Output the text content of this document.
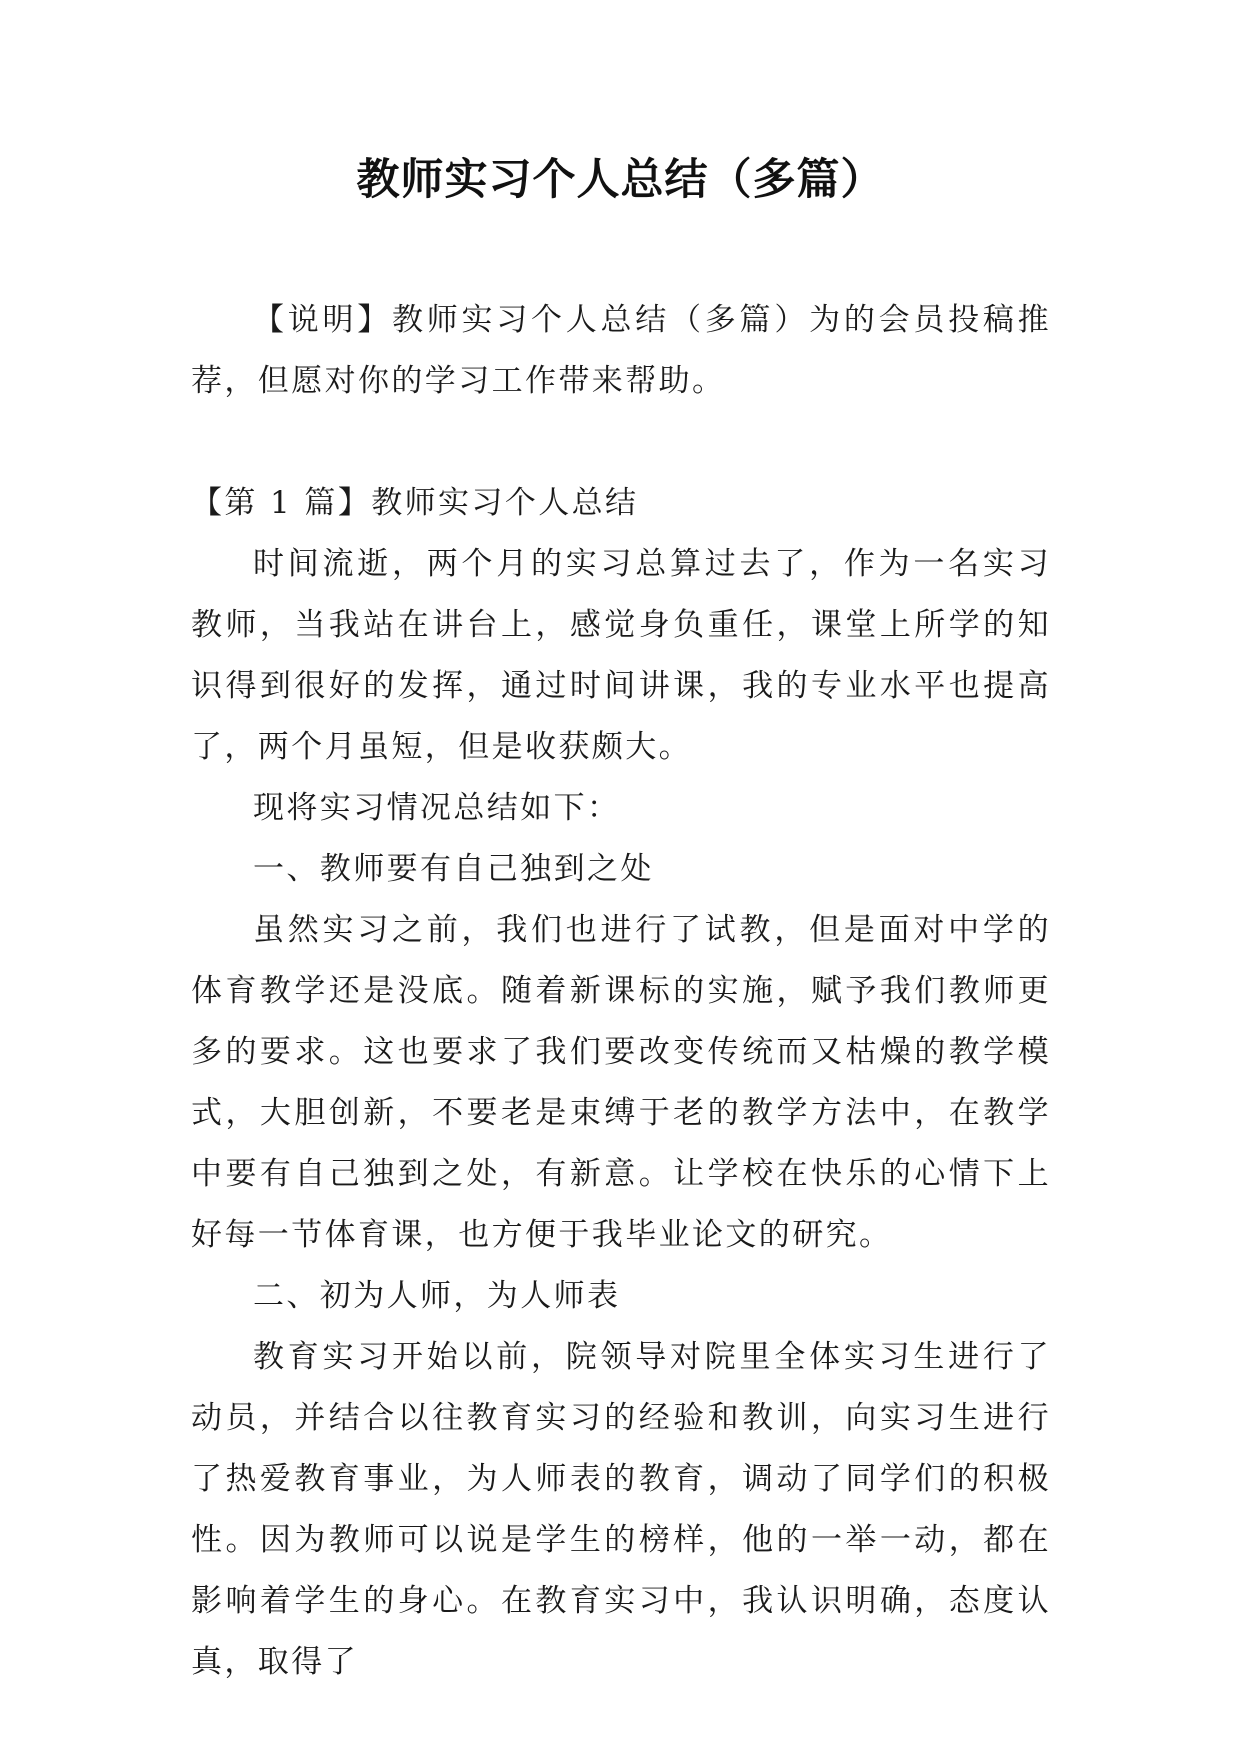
教师实习个人总结（多篇）

【说明】教师实习个人总结（多篇）为的会员投稿推荐，但愿对你的学习工作带来帮助。

【第 1 篇】教师实习个人总结

时间流逝，两个月的实习总算过去了，作为一名实习教师，当我站在讲台上，感觉身负重任，课堂上所学的知识得到很好的发挥，通过时间讲课，我的专业水平也提高了，两个月虽短，但是收获颇大。

现将实习情况总结如下：

一、教师要有自己独到之处

虽然实习之前，我们也进行了试教，但是面对中学的体育教学还是没底。随着新课标的实施，赋予我们教师更多的要求。这也要求了我们要改变传统而又枯燥的教学模式，大胆创新，不要老是束缚于老的教学方法中，在教学中要有自己独到之处，有新意。让学校在快乐的心情下上好每一节体育课，也方便于我毕业论文的研究。

二、初为人师，为人师表

教育实习开始以前，院领导对院里全体实习生进行了动员，并结合以往教育实习的经验和教训，向实习生进行了热爱教育事业，为人师表的教育，调动了同学们的积极性。因为教师可以说是学生的榜样，他的一举一动，都在影响着学生的身心。在教育实习中，我认识明确，态度认真，取得了
